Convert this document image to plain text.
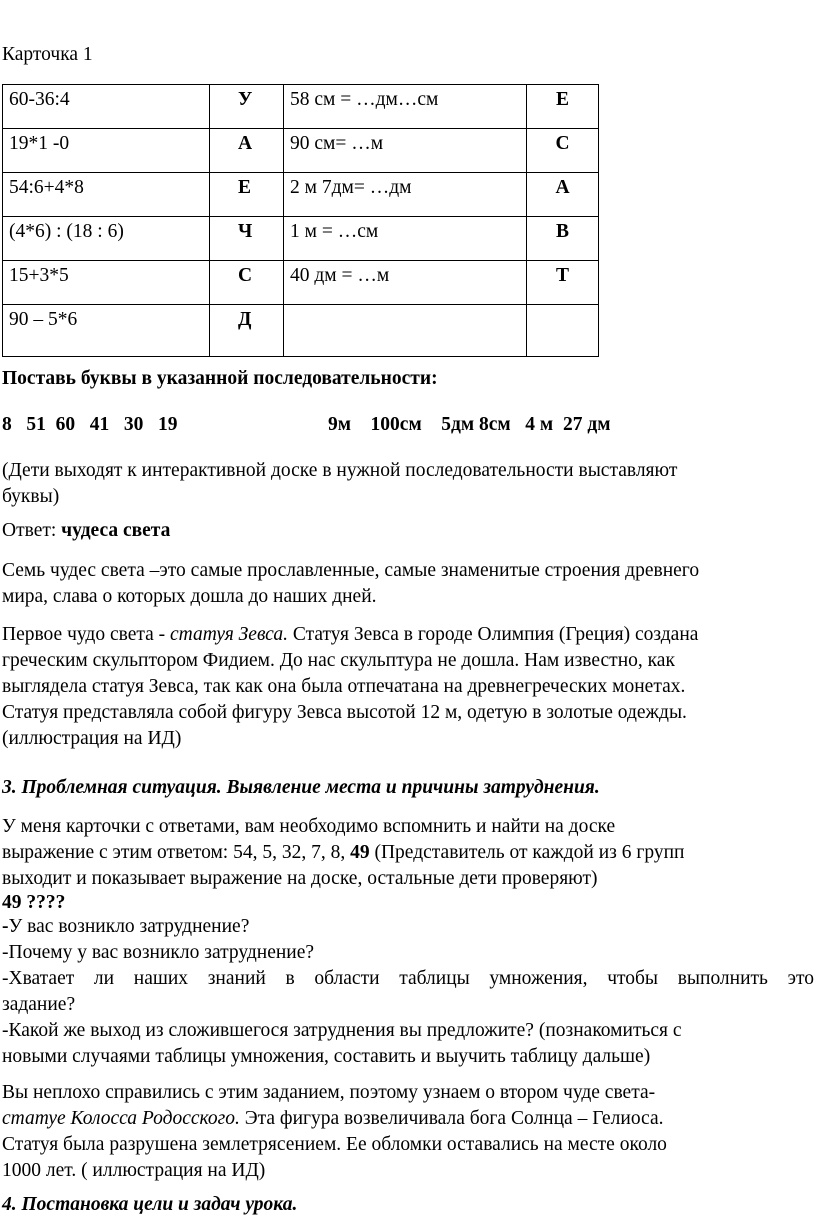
Карточка 1
60-36:4	У	58 см = …дм…см	Е
19*1 -0	А	90 см= …м	С
54:6+4*8	Е	2 м 7дм= …дм	А
(4*6) : (18 : 6)	Ч	1 м = …см	В
15+3*5	С	40 дм = …м	Т
90 – 5*6	Д		
Поставь буквы в указанной последовательности:
8   51  60   41   30   19	9м    100см    5дм 8см   4 м  27 дм
(Дети выходят к интерактивной доске в нужной последовательности выставляют
буквы)
Ответ: чудеса света
Семь чудес света –это самые прославленные, самые знаменитые строения древнего
мира, слава о которых дошла до наших дней.
Первое чудо света - статуя Зевса. Статуя Зевса в городе Олимпия (Греция) создана
греческим скульптором Фидием. До нас скульптура не дошла. Нам известно, как
выглядела статуя Зевса, так как она была отпечатана на древнегреческих монетах.
Статуя представляла собой фигуру Зевса высотой 12 м, одетую в золотые одежды.
(иллюстрация на ИД)
3. Проблемная ситуация. Выявление места и причины затруднения.
У меня карточки с ответами, вам необходимо вспомнить и найти на доске
выражение с этим ответом: 54, 5, 32, 7, 8, 49 (Представитель от каждой из 6 групп
выходит и показывает выражение на доске, остальные дети проверяют)
49 ????
-У вас возникло затруднение?
-Почему у вас возникло затруднение?
-Хватает ли наших знаний в области таблицы умножения, чтобы выполнить это
задание?
-Какой же выход из сложившегося затруднения вы предложите? (познакомиться с
новыми случаями таблицы умножения, составить и выучить таблицу дальше)
Вы неплохо справились с этим заданием, поэтому узнаем о втором чуде света-
статуе Колосса Родосского. Эта фигура возвеличивала бога Солнца – Гелиоса.
Статуя была разрушена землетрясением. Ее обломки оставались на месте около
1000 лет. ( иллюстрация на ИД)
4. Постановка цели и задач урока.
